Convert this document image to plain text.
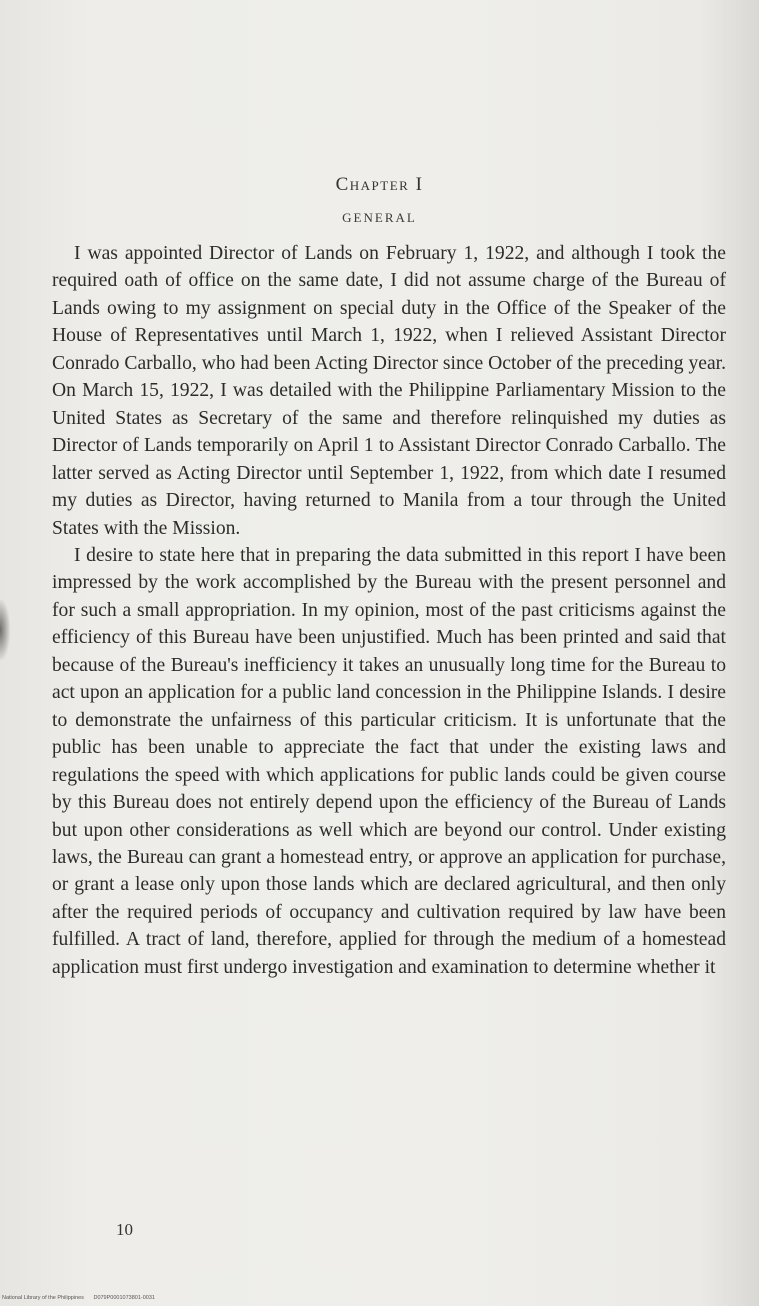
Chapter I
GENERAL

I was appointed Director of Lands on February 1, 1922, and although I took the required oath of office on the same date, I did not assume charge of the Bureau of Lands owing to my assignment on special duty in the Office of the Speaker of the House of Representatives until March 1, 1922, when I relieved Assistant Director Conrado Carballo, who had been Acting Director since October of the preceding year. On March 15, 1922, I was detailed with the Philippine Parliamentary Mission to the United States as Secretary of the same and therefore relinquished my duties as Director of Lands temporarily on April 1 to Assistant Director Conrado Carballo. The latter served as Acting Director until September 1, 1922, from which date I resumed my duties as Director, having returned to Manila from a tour through the United States with the Mission.

I desire to state here that in preparing the data submitted in this report I have been impressed by the work accomplished by the Bureau with the present personnel and for such a small appropriation. In my opinion, most of the past criticisms against the efficiency of this Bureau have been unjustified. Much has been printed and said that because of the Bureau's inefficiency it takes an unusually long time for the Bureau to act upon an application for a public land concession in the Philippine Islands. I desire to demonstrate the unfairness of this particular criticism. It is unfortunate that the public has been unable to appreciate the fact that under the existing laws and regulations the speed with which applications for public lands could be given course by this Bureau does not entirely depend upon the efficiency of the Bureau of Lands but upon other considerations as well which are beyond our control. Under existing laws, the Bureau can grant a homestead entry, or approve an application for purchase, or grant a lease only upon those lands which are declared agricultural, and then only after the required periods of occupancy and cultivation required by law have been fulfilled. A tract of land, therefore, applied for through the medium of a homestead application must first undergo investigation and examination to determine whether it

10
National Library of the Philippines D079P0001073801-0031
